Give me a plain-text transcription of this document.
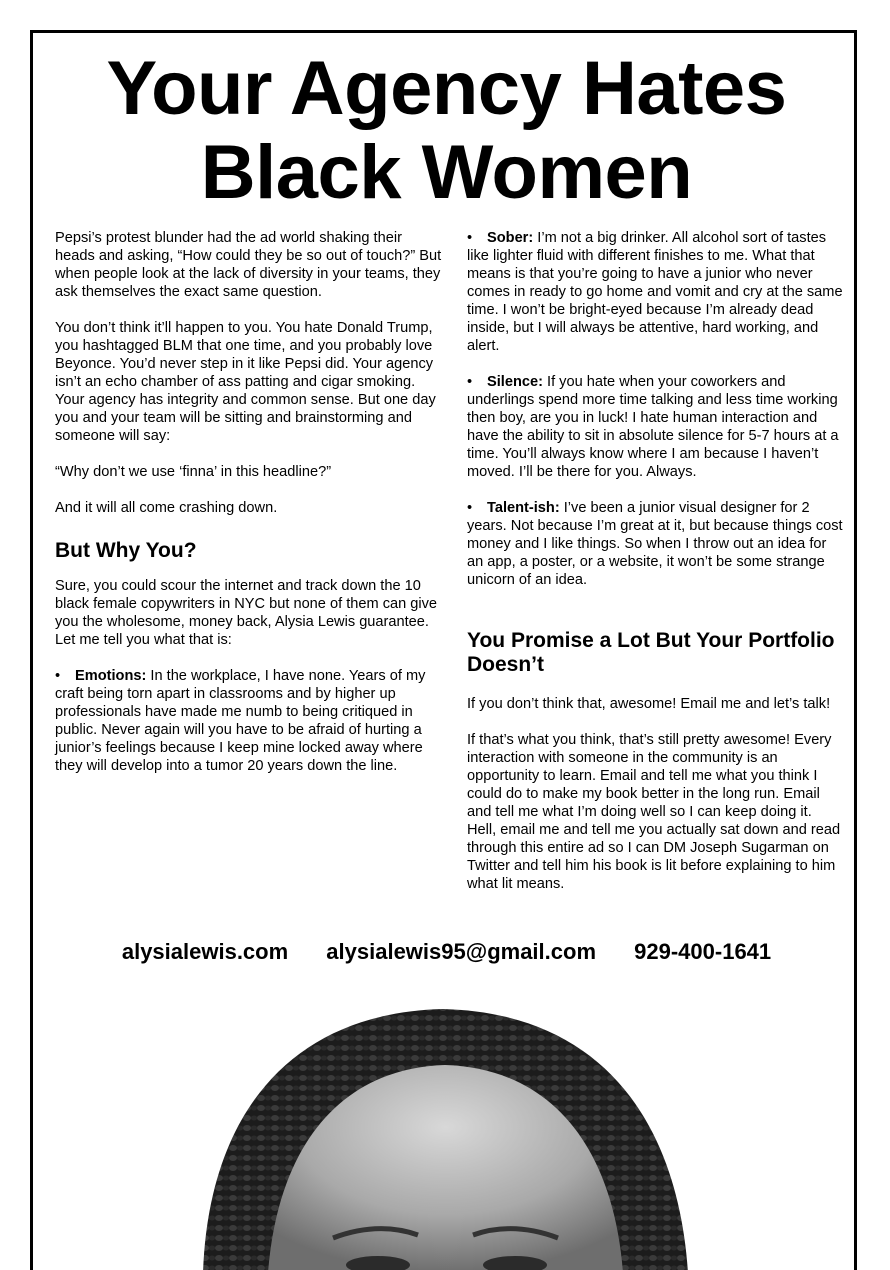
Your Agency Hates Black Women

Pepsi’s protest blunder had the ad world shaking their heads and asking, “How could they be so out of touch?” But when people look at the lack of diversity in your teams, they ask themselves the exact same question.

You don’t think it’ll happen to you. You hate Donald Trump, you hashtagged BLM that one time, and you probably love Beyonce. You’d never step in it like Pepsi did. Your agency isn’t an echo chamber of ass patting and cigar smoking. Your agency has integrity and common sense. But one day you and your team will be sitting and brainstorming and someone will say:

“Why don’t we use ‘finna’ in this headline?”

And it will all come crashing down.

But Why You?

Sure, you could scour the internet and track down the 10 black female copywriters in NYC but none of them can give you the wholesome, money back, Alysia Lewis guarantee. Let me tell you what that is:

• Emotions: In the workplace, I have none. Years of my craft being torn apart in classrooms and by higher up professionals have made me numb to being critiqued in public. Never again will you have to be afraid of hurting a junior’s feelings because I keep mine locked away where they will develop into a tumor 20 years down the line.

• Sober: I’m not a big drinker. All alcohol sort of tastes like lighter fluid with different finishes to me. What that means is that you’re going to have a junior who never comes in ready to go home and vomit and cry at the same time. I won’t be bright-eyed because I’m already dead inside, but I will always be attentive, hard working, and alert.

• Silence: If you hate when your coworkers and underlings spend more time talking and less time working then boy, are you in luck! I hate human interaction and have the ability to sit in absolute silence for 5-7 hours at a time. You’ll always know where I am because I haven’t moved. I’ll be there for you. Always.

• Talent-ish: I’ve been a junior visual designer for 2 years. Not because I’m great at it, but because things cost money and I like things. So when I throw out an idea for an app, a poster, or a website, it won’t be some strange unicorn of an idea.

You Promise a Lot But Your Portfolio Doesn’t

If you don’t think that, awesome! Email me and let’s talk!

If that’s what you think, that’s still pretty awesome! Every interaction with someone in the community is an opportunity to learn. Email and tell me what you think I could do to make my book better in the long run. Email and tell me what I’m doing well so I can keep doing it.

Hell, email me and tell me you actually sat down and read through this entire ad so I can DM Joseph Sugarman on Twitter and tell him his book is lit before explaining to him what lit means.

alysialewis.com alysialewis95@gmail.com 929-400-1641
